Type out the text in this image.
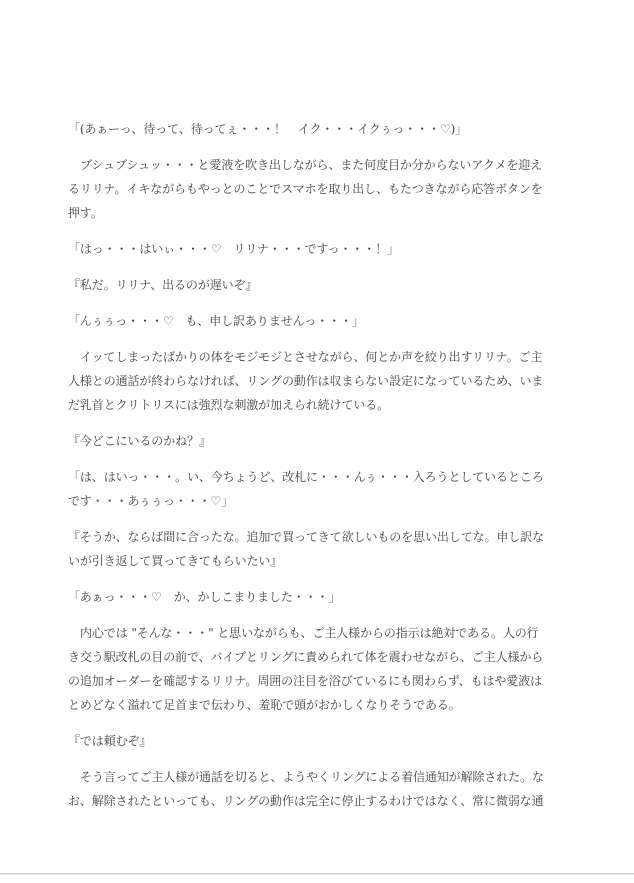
「(あぁーっ、待って、待ってぇ・・・！　イク・・・イクぅっ・・・♡)」

ブシュブシュッ・・・と愛液を吹き出しながら、また何度目か分からないアクメを迎えるリリナ。イキながらもやっとのことでスマホを取り出し、もたつきながら応答ボタンを押す。

「はっ・・・はいぃ・・・♡　リリナ・・・ですっ・・・！」

『私だ。リリナ、出るのが遅いぞ』

「んぅぅっ・・・♡　も、申し訳ありませんっ・・・」

イッてしまったばかりの体をモジモジとさせながら、何とか声を絞り出すリリナ。ご主人様との通話が終わらなければ、リングの動作は収まらない設定になっているため、いまだ乳首とクリトリスには強烈な刺激が加えられ続けている。

『今どこにいるのかね？』

「は、はいっ・・・。い、今ちょうど、改札に・・・んぅ・・・入ろうとしているところです・・・あぅぅっ・・・♡」

『そうか、ならば間に合ったな。追加で買ってきて欲しいものを思い出してな。申し訳ないが引き返して買ってきてもらいたい』

「あぁっ・・・♡　か、かしこまりました・・・」

内心では "そんな・・・" と思いながらも、ご主人様からの指示は絶対である。人の行き交う駅改札の目の前で、バイブとリングに責められて体を震わせながら、ご主人様からの追加オーダーを確認するリリナ。周囲の注目を浴びているにも関わらず、もはや愛液はとめどなく溢れて足首まで伝わり、羞恥で頭がおかしくなりそうである。

『では頼むぞ』

そう言ってご主人様が通話を切ると、ようやくリングによる着信通知が解除された。なお、解除されたといっても、リングの動作は完全に停止するわけではなく、常に微弱な通
